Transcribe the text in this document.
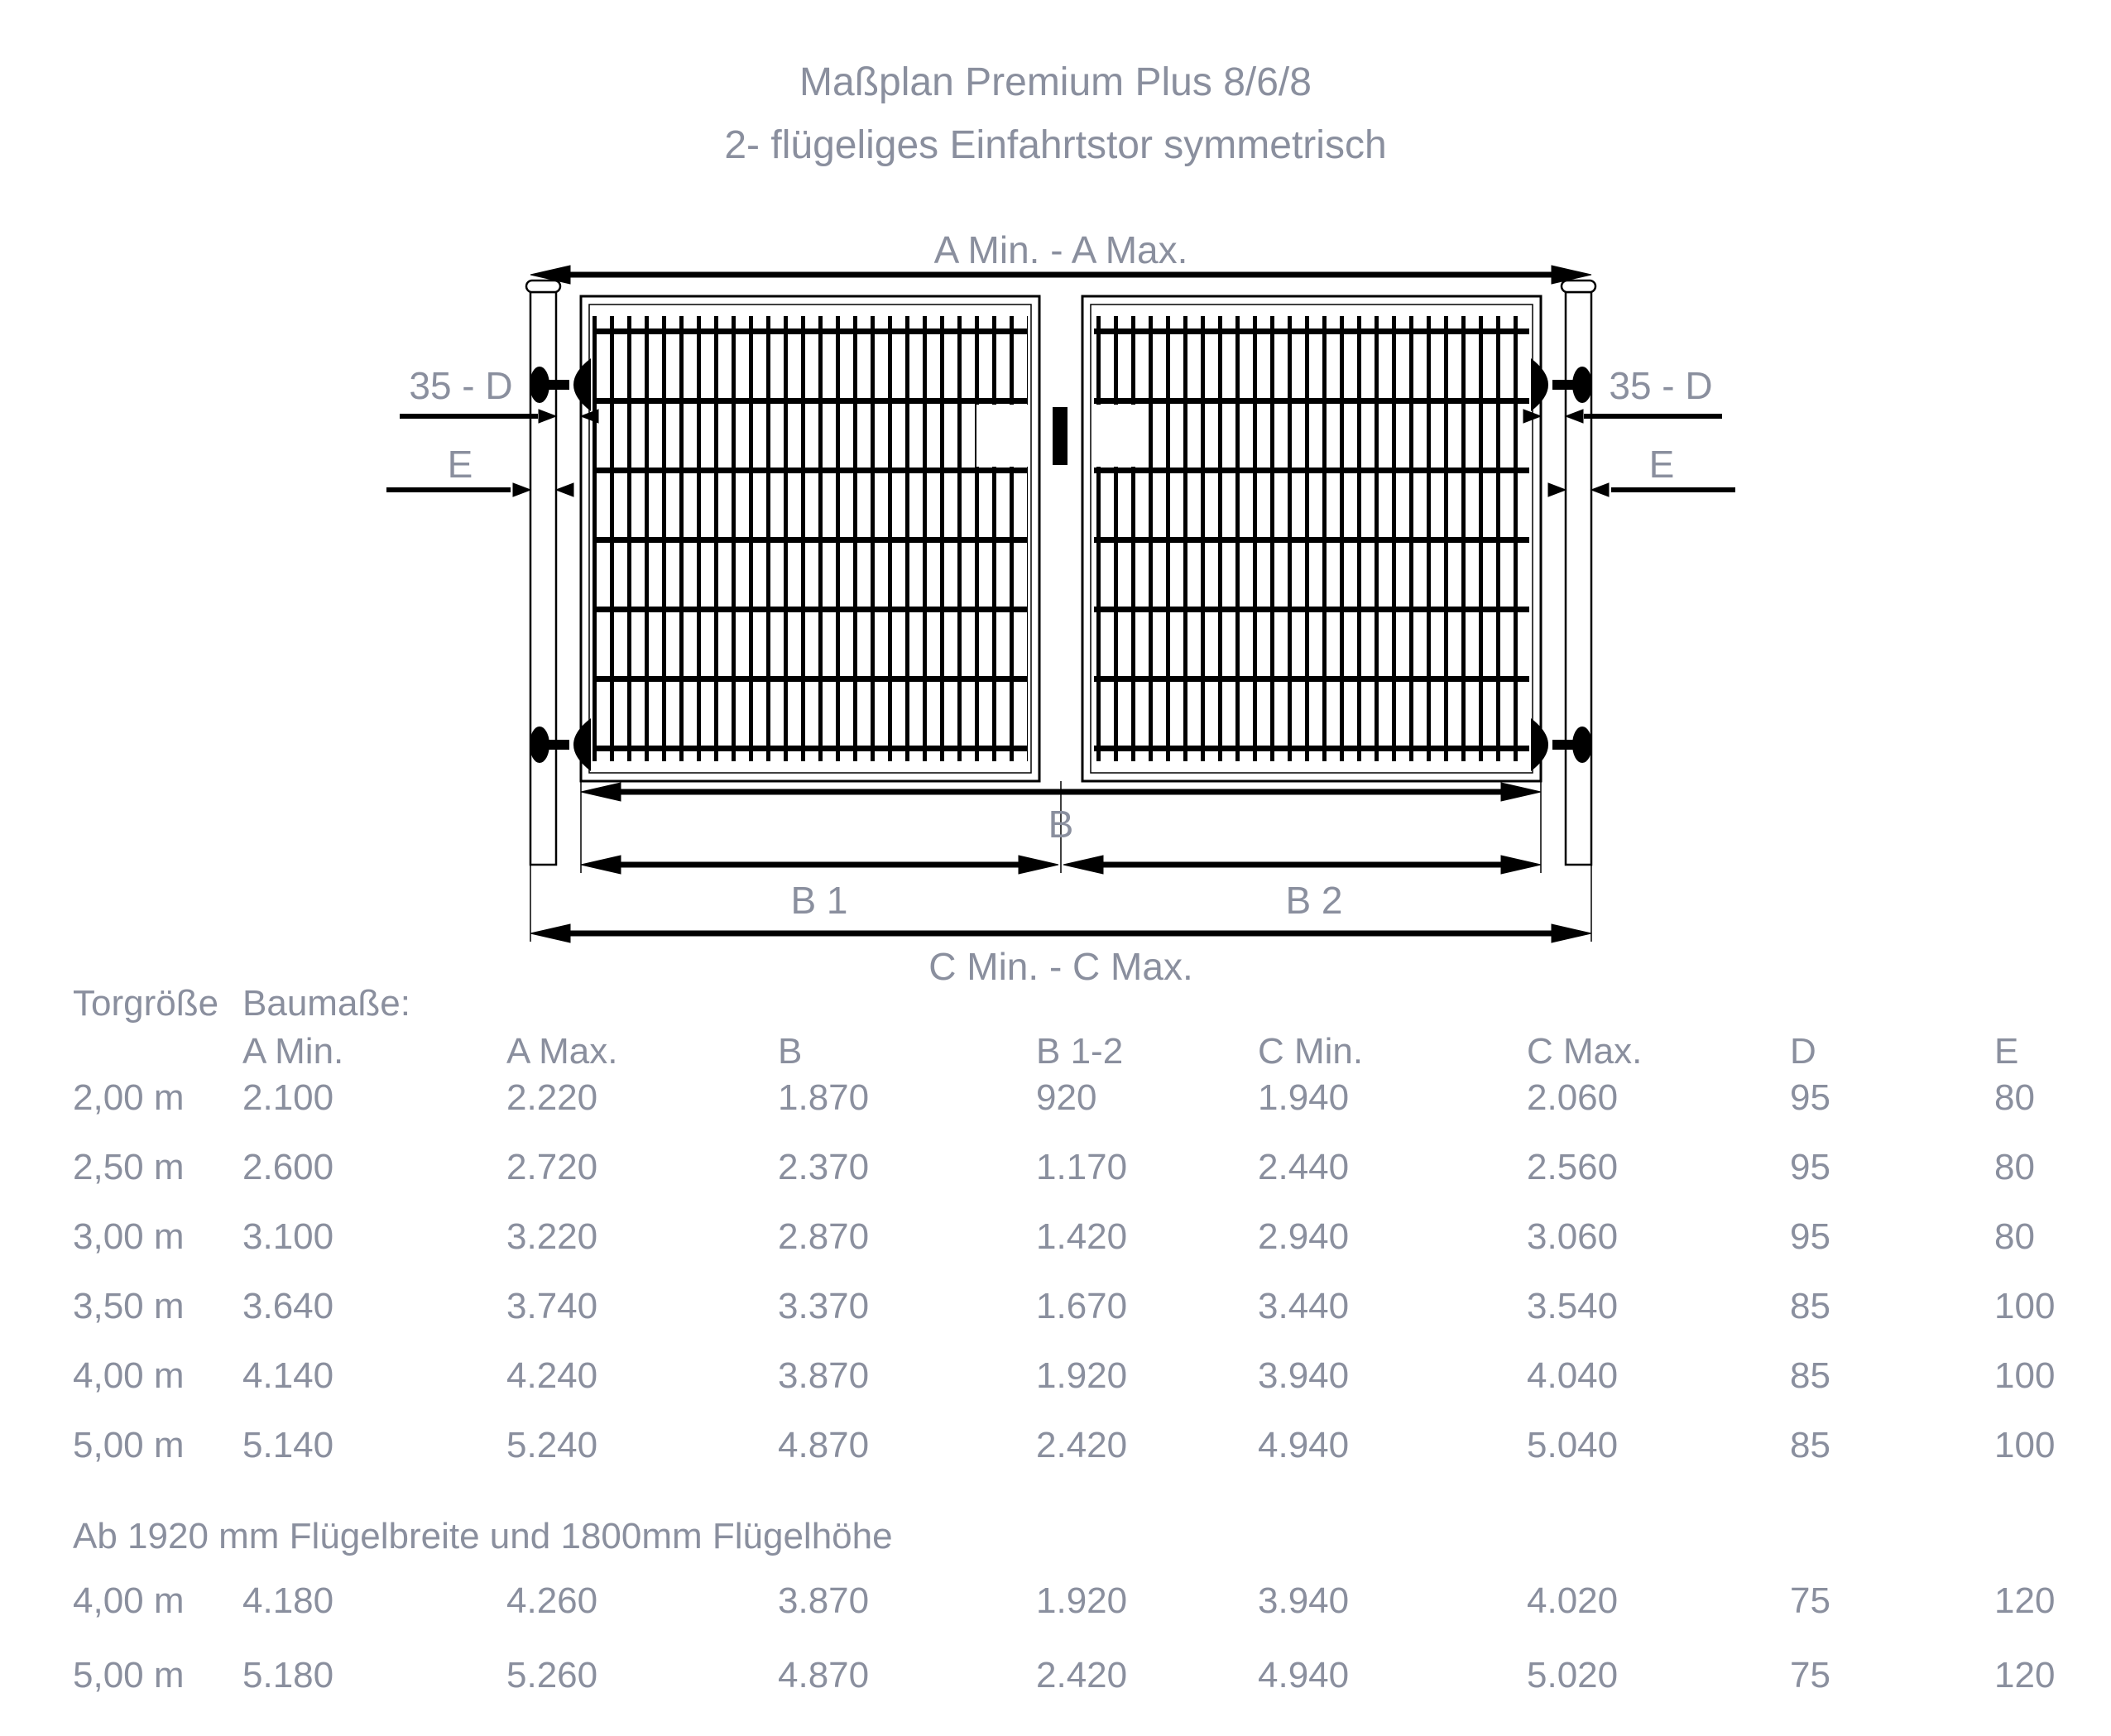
Maßplan Premium Plus 8/6/8
2- flügeliges Einfahrtstor symmetrisch
A Min. - A Max.
35 - D	35 - D
E	E
B
B 1	B 2
C Min. - C Max.
Torgröße Baumaße:
A Min.	A Max.	B	B 1-2	C Min.	C Max.	D	E
2,00 m	2.100	2.220	1.870	920	1.940	2.060	95	80
2,50 m	2.600	2.720	2.370	1.170	2.440	2.560	95	80
3,00 m	3.100	3.220	2.870	1.420	2.940	3.060	95	80
3,50 m	3.640	3.740	3.370	1.670	3.440	3.540	85	100
4,00 m	4.140	4.240	3.870	1.920	3.940	4.040	85	100
5,00 m	5.140	5.240	4.870	2.420	4.940	5.040	85	100
Ab 1920 mm Flügelbreite und 1800mm Flügelhöhe
4,00 m	4.180	4.260	3.870	1.920	3.940	4.020	75	120
5,00 m	5.180	5.260	4.870	2.420	4.940	5.020	75	120
